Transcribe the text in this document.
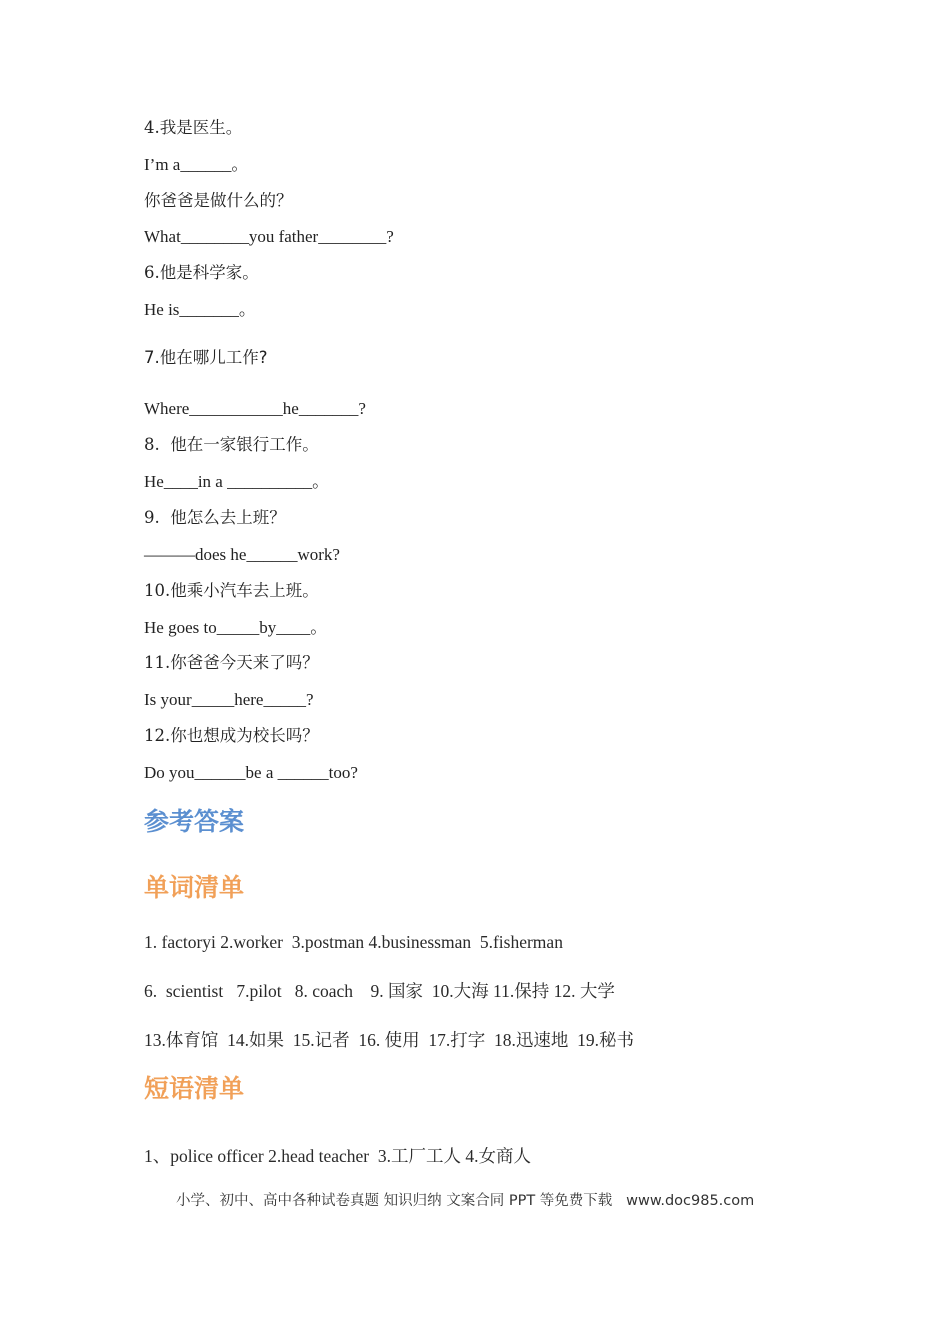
4.我是医生。
I’m a______。
你爸爸是做什么的？
What________you father________?
6.他是科学家。
He is_______。
7.他在哪儿工作?
Where___________he_______?
8.  他在一家银行工作。
He____in a __________。
9.  他怎么去上班？
———does he______work?
10.他乘小汽车去上班。
He goes to_____by____。
11.你爸爸今天来了吗？
Is your_____here_____?
12.你也想成为校长吗？
Do you______be a ______too?
参考答案
单词清单
1. factoryi 2.worker  3.postman 4.businessman  5.fisherman
6.  scientist   7.pilot   8. coach    9. 国家  10.大海 11.保持 12. 大学
13.体育馆  14.如果  15.记者  16. 使用  17.打字  18.迅速地  19.秘书
短语清单
1、police officer 2.head teacher  3.工厂工人 4.女商人
小学、初中、高中各种试卷真题 知识归纳 文案合同 PPT 等免费下载   www.doc985.com
